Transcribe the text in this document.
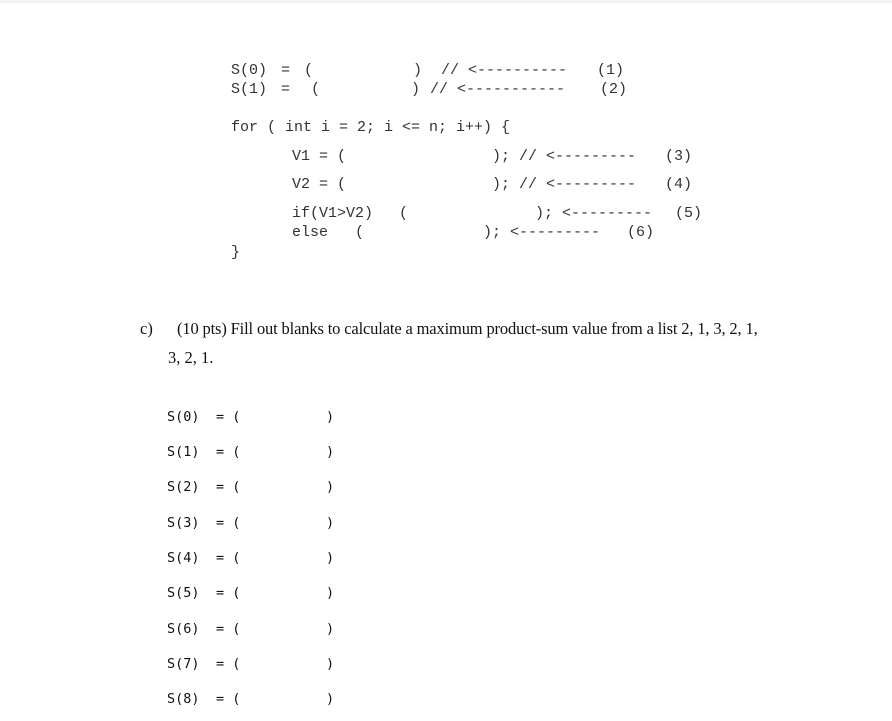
S(0) = (	) // <---------- (1)
S(1) = (	) // <----------- (2)
for ( int i = 2; i <= n; i++) {
V1 = (	); // <--------- (3)
V2 = (	); // <--------- (4)
if(V1>V2) (	); <--------- (5)
else (	); <--------- (6)
}
c) (10 pts) Fill out blanks to calculate a maximum product-sum value from a list 2, 1, 3, 2, 1,
3, 2, 1.
S(0) = (	)
S(1) = (	)
S(2) = (	)
S(3) = (	)
S(4) = (	)
S(5) = (	)
S(6) = (	)
S(7) = (	)
S(8) = (	)
